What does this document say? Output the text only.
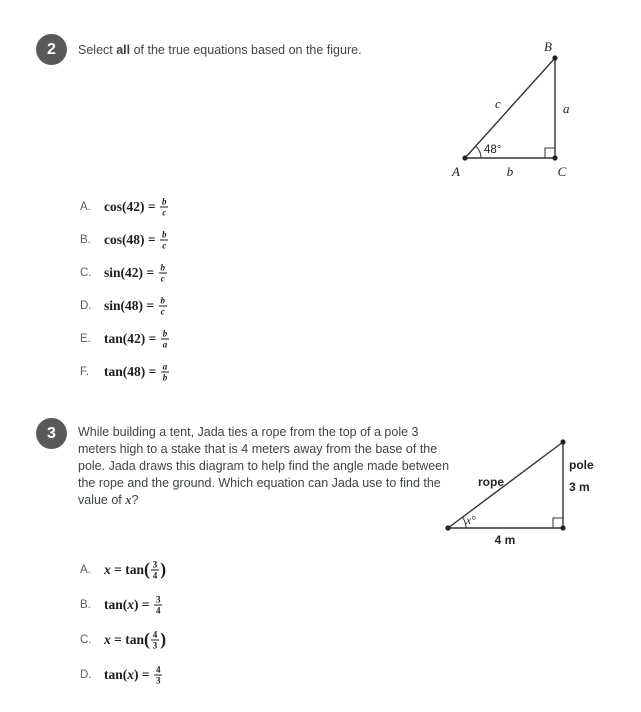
2 Select all of the true equations based on the figure.	B
a
c
48°
A	b	C
A. $\cos(42) = \frac{b}{c}$
B. $\cos(48) = \frac{b}{c}$
C. $\sin(42) = \frac{b}{c}$
D. $\sin(48) = \frac{b}{c}$
E. $\tan(42) = \frac{b}{a}$
F.	$\tan(48) = \frac{a}{b}$
3 While building a tent, Jada ties a rope from the top of a pole 3 meters high to a stake that is 4 meters away from the base of the pole. Jada draws this diagram to help find the angle made between the rope and the ground. Which equation can Jada use to find the value of x?
rope
pole
3 m
x°
4 m
A. x = tan ( $\frac{3}{4}$ )
B. tan( x ) = $\frac{3}{4}$
C. x = tan ( $\frac{4}{3}$ )
D. tan( x ) = $\frac{4}{3}$
